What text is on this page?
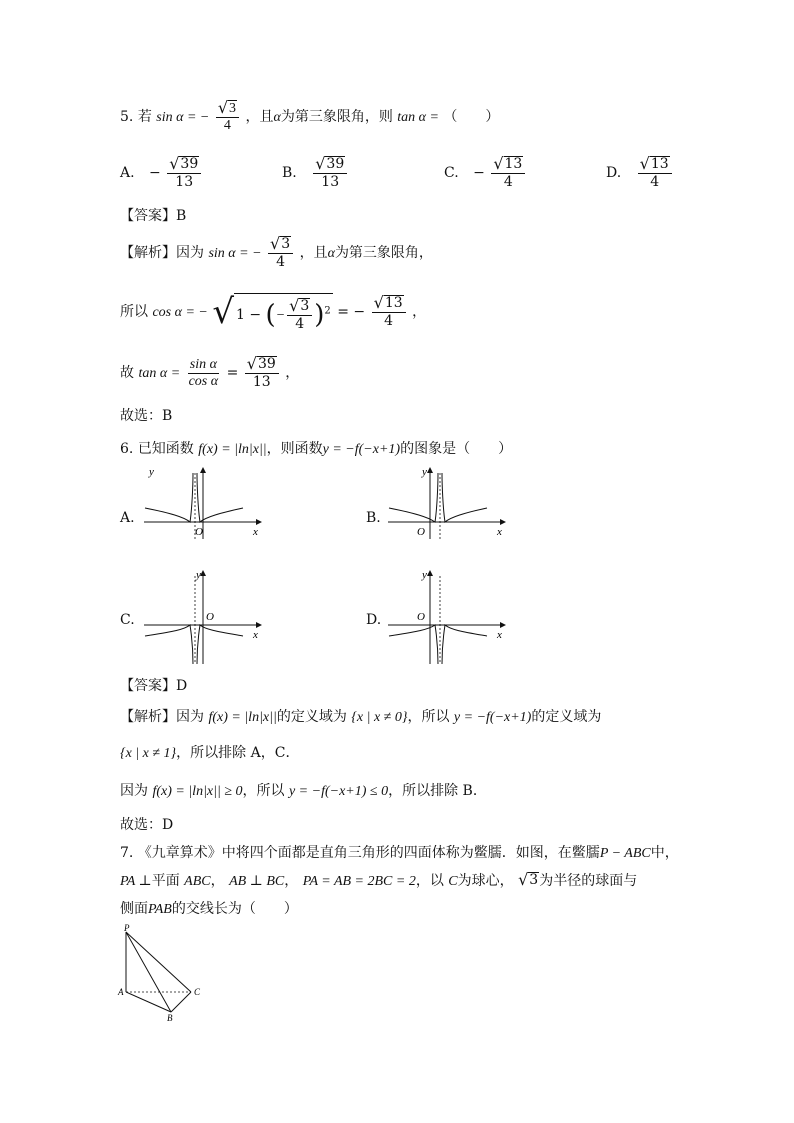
5. 若 sin α = − $\frac{√ 3}{4}$ ，且α为第三象限角，则 tan α = （　　）
A. − $\frac{√ 39}{13}$	B. $\frac{√ 39}{13}$	C. − $\frac{√ 13}{4}$	D. $\frac{√ 13}{4}$
【答案】B
【解析】因为 sin α = − $\frac{√ 3}{4}$ ，且α为第三象限角，
所以 cos α = − √ 1 − (− $\frac{√ 3}{4} )^2$ = − $\frac{√ 13}{4}$ ，
故 $\tan \alpha = \frac{\text{sin α}}{\text{cos α}} = \frac{√ 39}{13}$ ，
故选：B
6. 已知函数 f(x) = |ln|x||，则函数y = −f(−x+1)的图象是（　　）
A.
y
O	x
B.
y
O	x
C.
y
O
x
D.
y
O
x
【答案】D
【解析】因为 f(x) = |ln|x||的定义域为 {x | x ≠ 0}，所以 y = −f(−x+1)的定义域为
{x | x ≠ 1}，所以排除 A，C．
因为 f(x) = |ln|x|| ≥ 0，所以 y = −f(−x+1) ≤ 0，所以排除 B．
故选：D
7. 《九章算术》中将四个面都是直角三角形的四面体称为鳖臑．如图，在鳖臑P − ABC中，
PA ⊥平面 ABC， AB ⊥ BC， PA = AB = 2BC = 2，以 C为球心， √ 3 为半径的球面与
侧面PAB的交线长为（　　）
P
A
B
C
